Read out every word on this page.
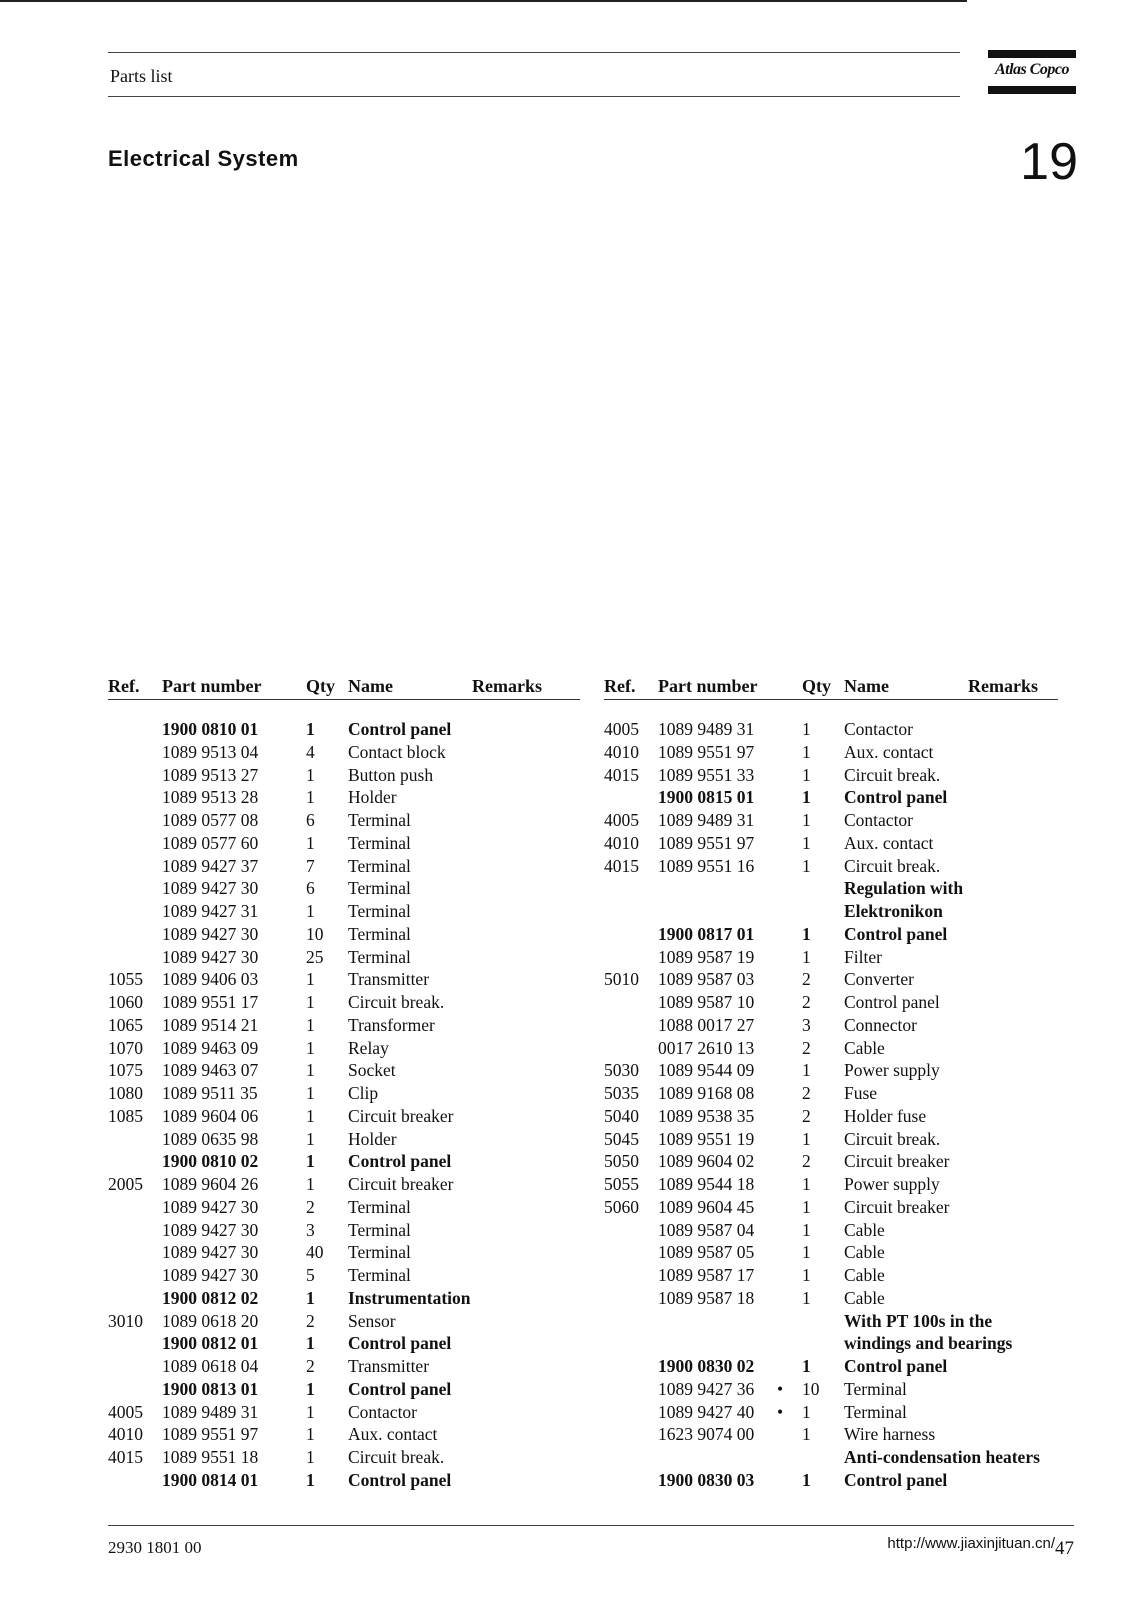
Parts list	Atlas Copco
Electrical System	19
Ref. Part number Qty Name	Remarks	Ref. Part number Qty Name	Remarks
1900 0810 01	1 Control panel
1089 9513 04	4 Contact block
1089 9513 27	1 Button push
1089 9513 28	1 Holder
1089 0577 08	6 Terminal
1089 0577 60	1 Terminal
1089 9427 37	7 Terminal
1089 9427 30	6 Terminal
1089 9427 31	1 Terminal
1089 9427 30	10 Terminal
1089 9427 30	25 Terminal
1055 1089 9406 03	1 Transmitter
1060 1089 9551 17	1 Circuit break.
1065 1089 9514 21	1 Transformer
1070 1089 9463 09	1 Relay
1075 1089 9463 07	1 Socket
1080 1089 9511 35	1 Clip
1085 1089 9604 06	1 Circuit breaker
1089 0635 98	1 Holder
1900 0810 02	1 Control panel
2005 1089 9604 26	1 Circuit breaker
1089 9427 30	2 Terminal
1089 9427 30	3 Terminal
1089 9427 30	40 Terminal
1089 9427 30	5 Terminal
1900 0812 02	1 Instrumentation
3010 1089 0618 20	2 Sensor
1900 0812 01	1 Control panel
1089 0618 04	2 Transmitter
1900 0813 01	1 Control panel
4005 1089 9489 31	1 Contactor
4010 1089 9551 97	1 Aux. contact
4015 1089 9551 18	1 Circuit break.
1900 0814 01	1 Control panel
4005 1089 9489 31	1 Contactor
4010 1089 9551 97	1 Aux. contact
4015 1089 9551 33	1 Circuit break.
1900 0815 01	1 Control panel
4005 1089 9489 31	1 Contactor
4010 1089 9551 97	1 Aux. contact
4015 1089 9551 16	1 Circuit break.
Regulation with
Elektronikon
1900 0817 01	1 Control panel
1089 9587 19	1 Filter
5010 1089 9587 03	2 Converter
1089 9587 10	2 Control panel
1088 0017 27	3 Connector
0017 2610 13	2 Cable
5030 1089 9544 09	1 Power supply
5035 1089 9168 08	2 Fuse
5040 1089 9538 35	2 Holder fuse
5045 1089 9551 19	1 Circuit break.
5050 1089 9604 02	2 Circuit breaker
5055 1089 9544 18	1 Power supply
5060 1089 9604 45	1 Circuit breaker
1089 9587 04	1 Cable
1089 9587 05	1 Cable
1089 9587 17	1 Cable
1089 9587 18	1 Cable
With PT 100s in the
windings and bearings
1900 0830 02	1 Control panel
1089 9427 36 • 10 Terminal
1089 9427 40 • 1 Terminal
1623 9074 00	1 Wire harness
Anti-condensation heaters
1900 0830 03	1 Control panel
2930 1801 00	http://www.jiaxinjituan.cn/47
